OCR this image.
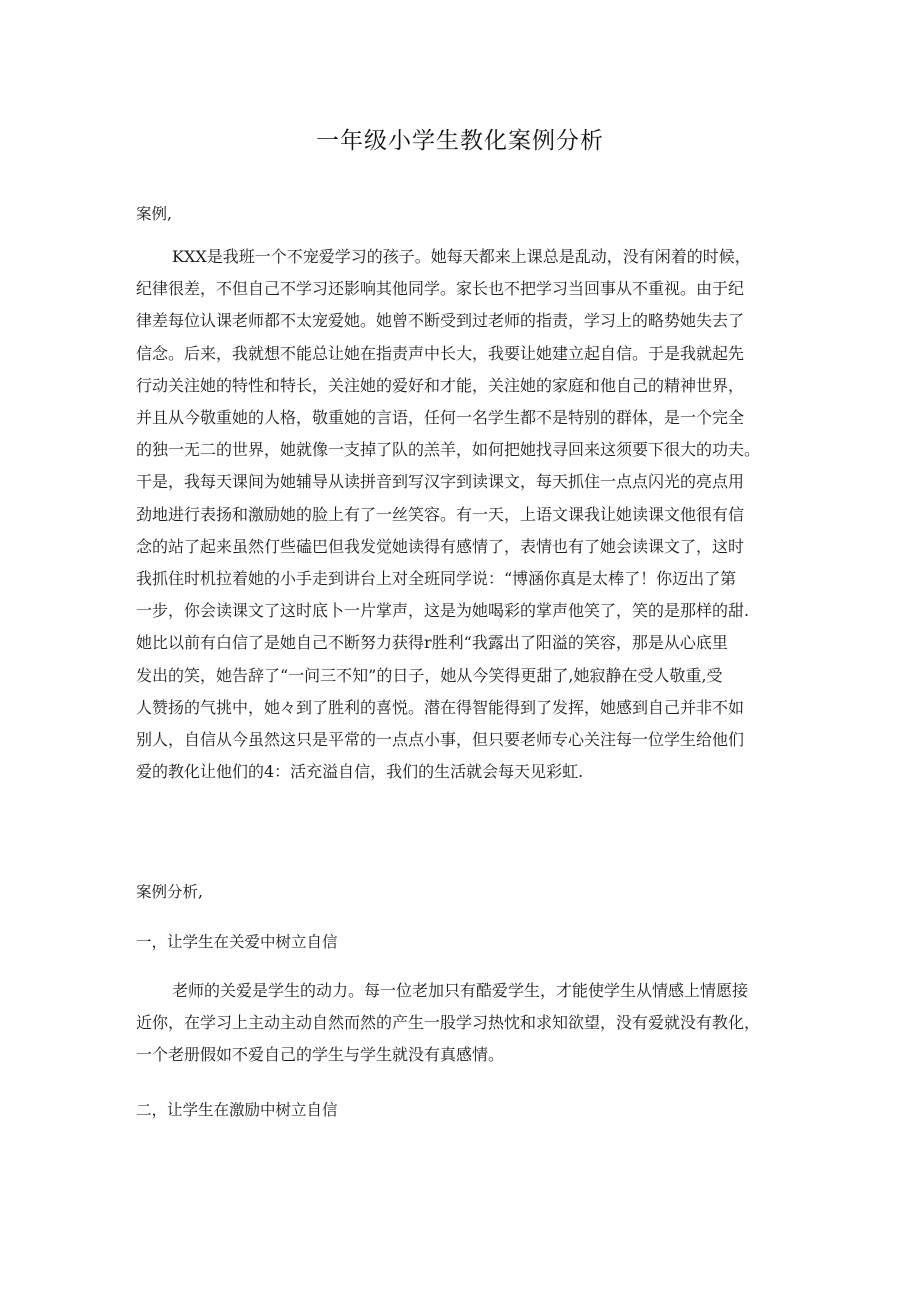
一年级小学生教化案例分析
案例,
KXX是我班一个不宠爱学习的孩子。她每天都来上课总是乱动，没有闲着的时候，
纪律很差，不但自己不学习还影响其他同学。家长也不把学习当回事从不重视。由于纪
律差每位认课老师都不太宠爱她。她曾不断受到过老师的指责，学习上的略势她失去了
信念。后来，我就想不能总让她在指责声中长大，我要让她建立起自信。于是我就起先
行动关注她的特性和特长，关注她的爱好和才能，关注她的家庭和他自己的精神世界，
并且从今敬重她的人格，敬重她的言语，任何一名学生都不是特别的群体，是一个完全
的独一无二的世界，她就像一支掉了队的羔羊，如何把她找寻回来这须要下很大的功夫。
干是，我每天课间为她辅导从读拼音到写汉字到读课文，每天抓住一点点闪光的亮点用
劲地进行表扬和激励她的脸上有了一丝笑容。有一天，上语文课我让她读课文他很有信
念的站了起来虽然仃些磕巴但我发觉她读得有感情了，表情也有了她会读课文了，这时
我抓住时机拉着她的小手走到讲台上对全班同学说：“博涵你真是太棒了！你迈出了第
一步，你会读课文了这时底卜一片掌声，这是为她喝彩的掌声他笑了，笑的是那样的甜.
她比以前有白信了是她自己不断努力获得r胜利“我露出了阳溢的笑容，那是从心底里
发出的笑，她告辞了“一问三不知”的日子，她从今笑得更甜了,她寂静在受人敬重,受
人赞扬的气挑中，她々到了胜利的喜悦。潜在得智能得到了发挥，她感到自己并非不如
别人，自信从今虽然这只是平常的一点点小事，但只要老师专心关注每一位学生给他们
爱的教化让他们的4：活充溢自信，我们的生活就会每天见彩虹.
案例分析,
一，让学生在关爱中树立自信
老师的关爱是学生的动力。每一位老加只有酷爱学生，才能使学生从情感上情愿接
近你，在学习上主动主动自然而然的产生一股学习热忱和求知欲望，没有爱就没有教化，
一个老册假如不爱自己的学生与学生就没有真感情。
二，让学生在激励中树立自信
